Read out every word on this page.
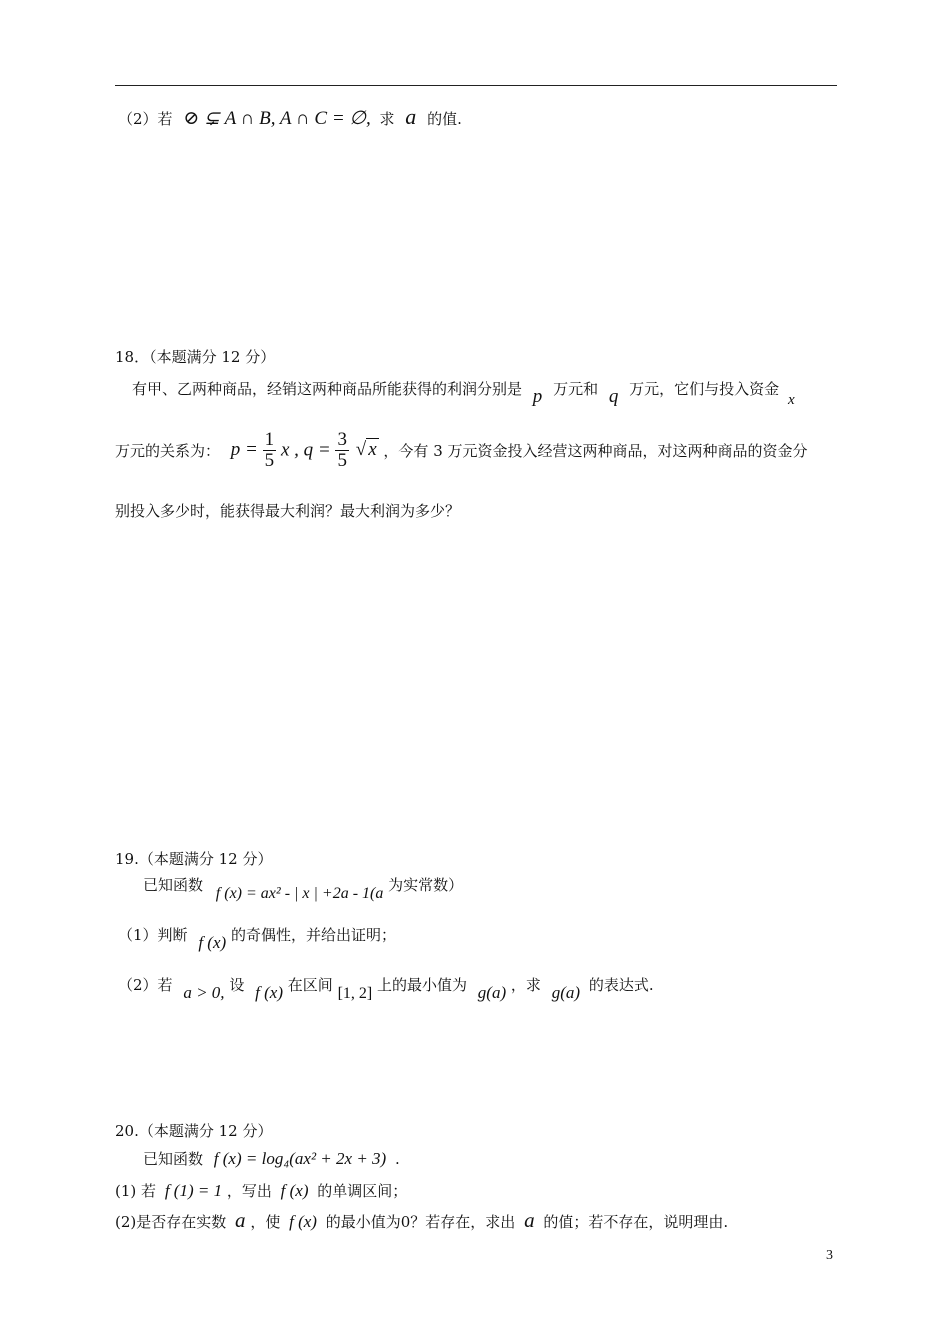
（2）若 ⊘ ⊊ A ∩ B, A ∩ C = ∅, 求 a 的值.
18．（本题满分 12 分）
有甲、乙两种商品，经销这两种商品所能获得的利润分别是 p 万元和 q 万元，它们与投入资金 x
万元的关系为： $p = \frac{1}{5}$ x , $q = \frac{3}{5}$ √ x ，今有 3 万元资金投入经营这两种商品，对这两种商品的资金分
别投入多少时，能获得最大利润？最大利润为多少？
19.（本题满分 12 分）
已知函数 f (x) = ax² - | x | +2a - 1(a 为实常数）
（1）判断 f (x) 的奇偶性，并给出证明；
（2）若 a > 0, 设 f (x) 在区间 [1, 2] 上的最小值为 g(a) ，求 g(a) 的表达式.
20.（本题满分 12 分）
已知函数 f (x) = log₄(ax² + 2x + 3) .
(1) 若 f (1) = 1 ，写出 f (x) 的单调区间；
(2)是否存在实数 a ，使 f (x) 的最小值为0？若存在，求出 a 的值；若不存在，说明理由.
3
